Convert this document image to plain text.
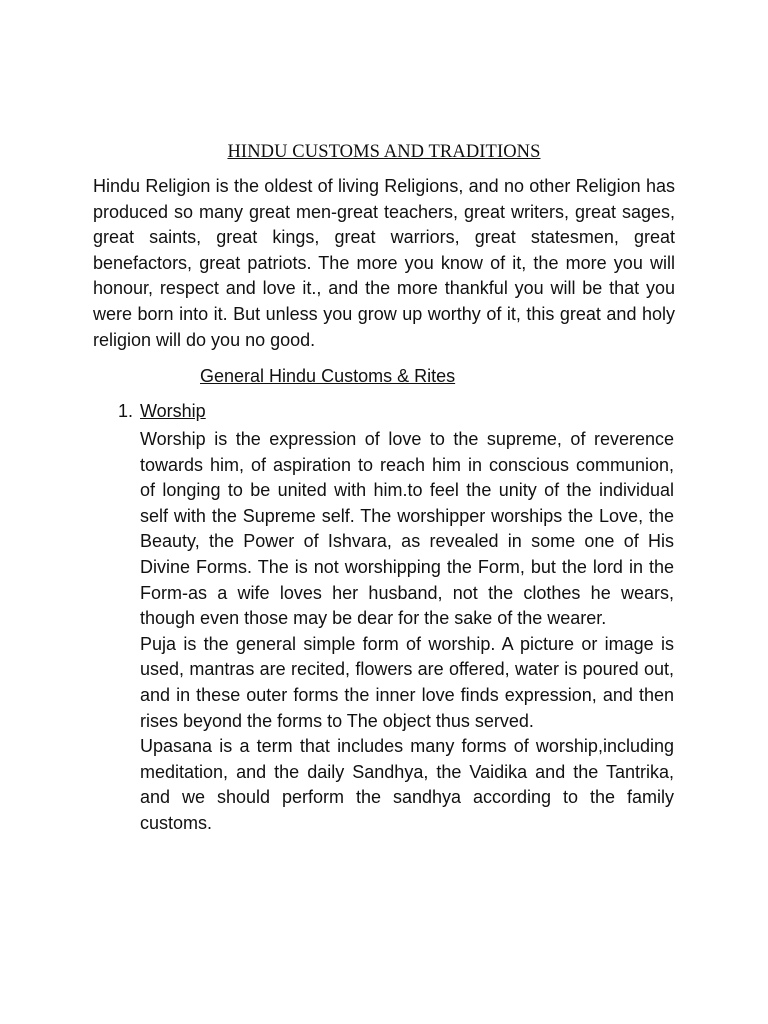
HINDU CUSTOMS AND TRADITIONS

Hindu Religion is the oldest of living Religions, and no other Religion has produced so many great men-great teachers, great writers, great sages, great saints, great kings, great warriors, great statesmen, great benefactors, great patriots. The more you know of it, the more you will honour, respect and love it., and the more thankful you will be that you were born into it. But unless you grow up worthy of it, this great and holy religion will do you no good.

General Hindu Customs & Rites
1. Worship

Worship is the expression of love to the supreme, of reverence towards him, of aspiration to reach him in conscious communion, of longing to be united with him.to feel the unity of the individual self with the Supreme self. The worshipper worships the Love, the Beauty, the Power of Ishvara, as revealed in some one of His Divine Forms. The is not worshipping the Form, but the lord in the Form-as a wife loves her husband, not the clothes he wears, though even those may be dear for the sake of the wearer.

Puja is the general simple form of worship. A picture or image is used, mantras are recited, flowers are offered, water is poured out, and in these outer forms the inner love finds expression, and then rises beyond the forms to The object thus served.

Upasana is a term that includes many forms of worship,including meditation, and the daily Sandhya, the Vaidika and the Tantrika, and we should perform the sandhya according to the family customs.
